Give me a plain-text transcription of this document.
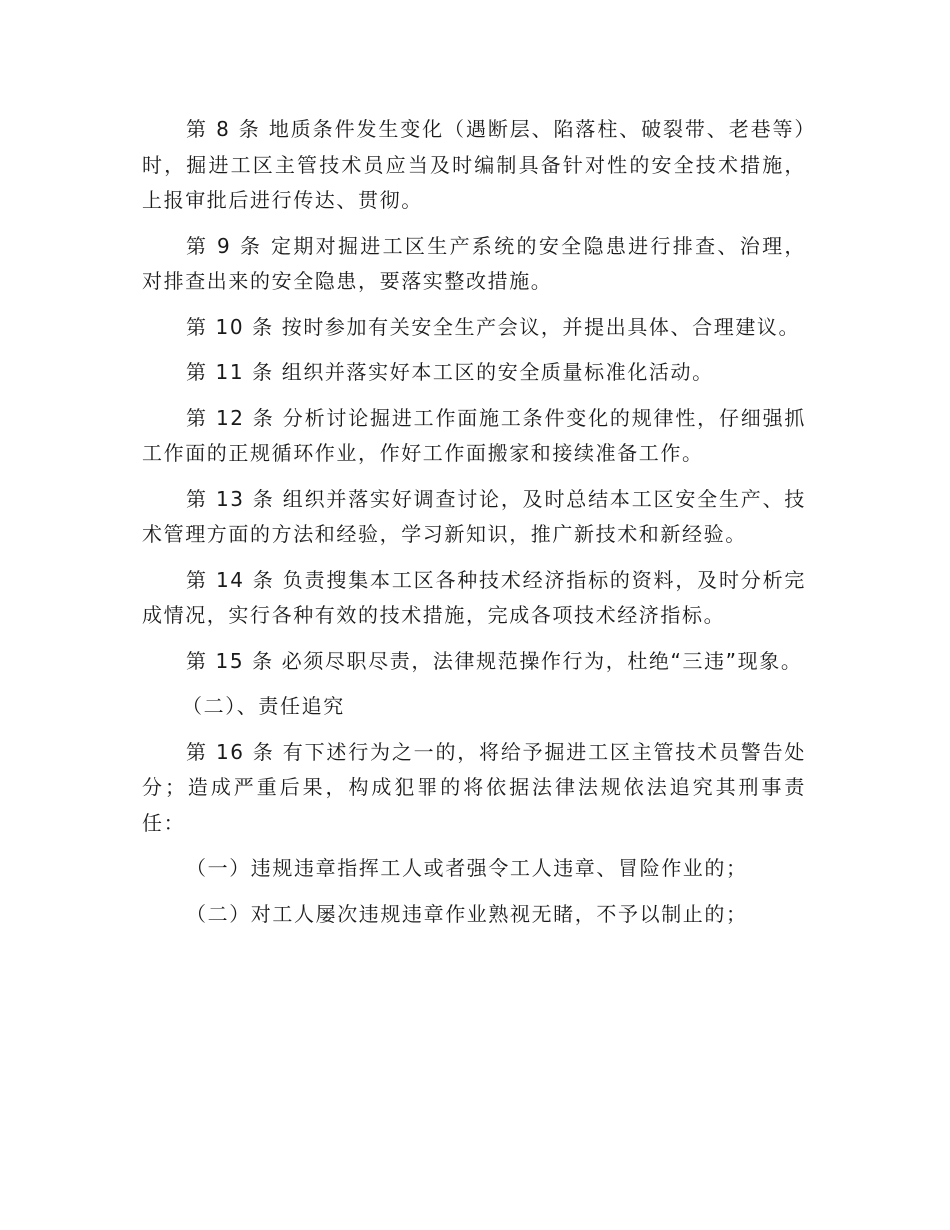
第 8 条 地质条件发生变化（遇断层、陷落柱、破裂带、老巷等）时，掘进工区主管技术员应当及时编制具备针对性的安全技术措施，上报审批后进行传达、贯彻。

第 9 条 定期对掘进工区生产系统的安全隐患进行排查、治理，对排查出来的安全隐患，要落实整改措施。

第 10 条 按时参加有关安全生产会议，并提出具体、合理建议。

第 11 条 组织并落实好本工区的安全质量标准化活动。

第 12 条 分析讨论掘进工作面施工条件变化的规律性，仔细强抓工作面的正规循环作业，作好工作面搬家和接续准备工作。

第 13 条 组织并落实好调查讨论，及时总结本工区安全生产、技术管理方面的方法和经验，学习新知识，推广新技术和新经验。

第 14 条 负责搜集本工区各种技术经济指标的资料，及时分析完成情况，实行各种有效的技术措施，完成各项技术经济指标。

第 15 条 必须尽职尽责，法律规范操作行为，杜绝“三违”现象。

（二）、责任追究

第 16 条 有下述行为之一的，将给予掘进工区主管技术员警告处分；造成严重后果，构成犯罪的将依据法律法规依法追究其刑事责任：

（一）违规违章指挥工人或者强令工人违章、冒险作业的；

（二）对工人屡次违规违章作业熟视无睹，不予以制止的；
